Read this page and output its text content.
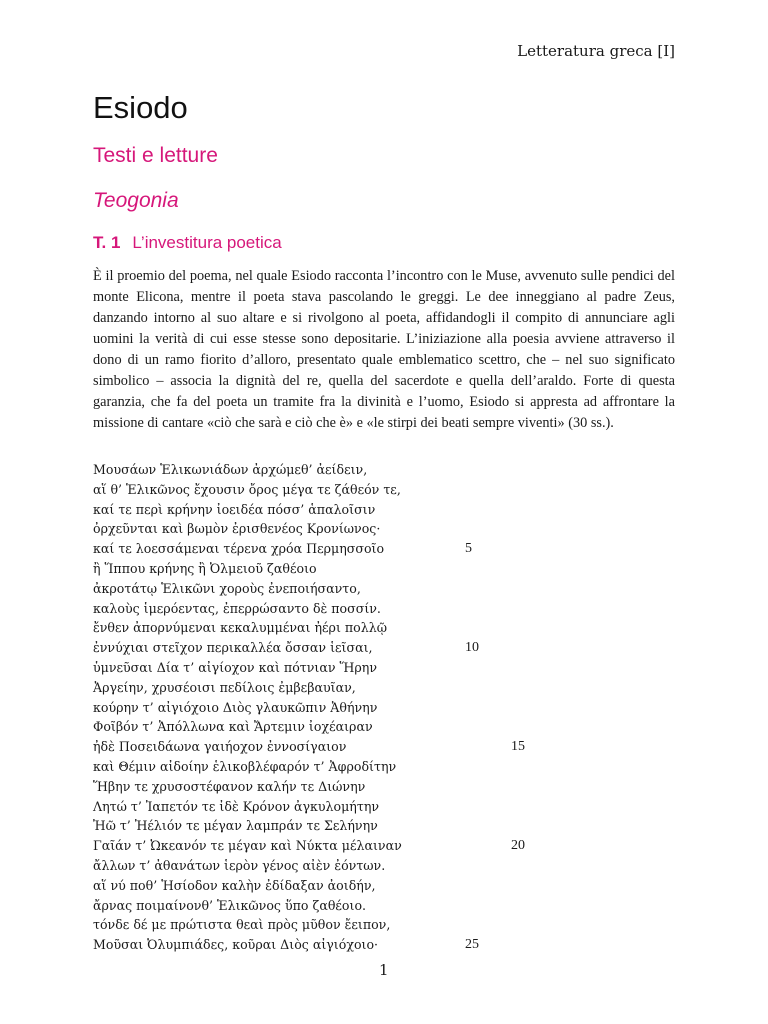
Letteratura greca [I]
Esiodo
Testi e letture
Teogonia
T. 1 L’investitura poetica

È il proemio del poema, nel quale Esiodo racconta l’incontro con le Muse, avvenuto sulle pendici del monte Elicona, mentre il poeta stava pascolando le greggi. Le dee inneggiano al padre Zeus, danzando intorno al suo altare e si rivolgono al poeta, affidandogli il compito di annunciare agli uomini la verità di cui esse stesse sono depositarie. L’iniziazione alla poesia avviene attraverso il dono di un ramo fiorito d’alloro, presentato quale emblematico scettro, che – nel suo significato simbolico – associa la dignità del re, quella del sacerdote e quella dell’araldo. Forte di questa garanzia, che fa del poeta un tramite fra la divinità e l’uomo, Esiodo si appresta ad affrontare la missione di cantare «ciò che sarà e ciò che è» e «le stirpi dei beati sempre viventi» (30 ss.).

Μουσάων Ἑλικωνιάδων ἀρχώμεθ’ ἀείδειν,
αἵ θ’ Ἑλικῶνος ἔχουσιν ὄρος μέγα τε ζάθεόν τε,
καί τε περὶ κρήνην ἰοειδέα πόσσ’ ἁπαλοῖσιν
ὀρχεῦνται καὶ βωμὸν ἐρισθενέος Κρονίωνος·
καί τε λοεσσάμεναι τέρενα χρόα Περμησσοῖο	5
ἢ Ἵππου κρήνης ἢ Ὀλμειοῦ ζαθέοιο
ἀκροτάτῳ Ἑλικῶνι χοροὺς ἐνεποιήσαντο,
καλοὺς ἱμερόεντας, ἐπερρώσαντο δὲ ποσσίν.
ἔνθεν ἀπορνύμεναι κεκαλυμμέναι ἠέρι πολλῷ
ἐννύχιαι στεῖχον περικαλλέα ὄσσαν ἱεῖσαι,	10
ὑμνεῦσαι Δία τ’ αἰγίοχον καὶ πότνιαν Ἥρην
Ἀργείην, χρυσέοισι πεδίλοις ἐμβεβαυῖαν,
κούρην τ’ αἰγιόχοιο Διὸς γλαυκῶπιν Ἀθήνην
Φοῖβόν τ’ Ἀπόλλωνα καὶ Ἄρτεμιν ἰοχέαιραν
ἠδὲ Ποσειδάωνα γαιήοχον ἐννοσίγαιον	15
καὶ Θέμιν αἰδοίην ἑλικοβλέφαρόν τ’ Ἀφροδίτην
Ἥβην τε χρυσοστέφανον καλήν τε Διώνην
Λητώ τ’ Ἰαπετόν τε ἰδὲ Κρόνον ἀγκυλομήτην
Ἠῶ τ’ Ἠέλιόν τε μέγαν λαμπράν τε Σελήνην
Γαῖάν τ’ Ὠκεανόν τε μέγαν καὶ Νύκτα μέλαιναν	20
ἄλλων τ’ ἀθανάτων ἱερὸν γένος αἰὲν ἐόντων.
αἵ νύ ποθ’ Ἡσίοδον καλὴν ἐδίδαξαν ἀοιδήν,
ἄρνας ποιμαίνονθ’ Ἑλικῶνος ὕπο ζαθέοιο.
τόνδε δέ με πρώτιστα θεαὶ πρὸς μῦθον ἔειπον,
Μοῦσαι Ὀλυμπιάδες, κοῦραι Διὸς αἰγιόχοιο·	25
1
